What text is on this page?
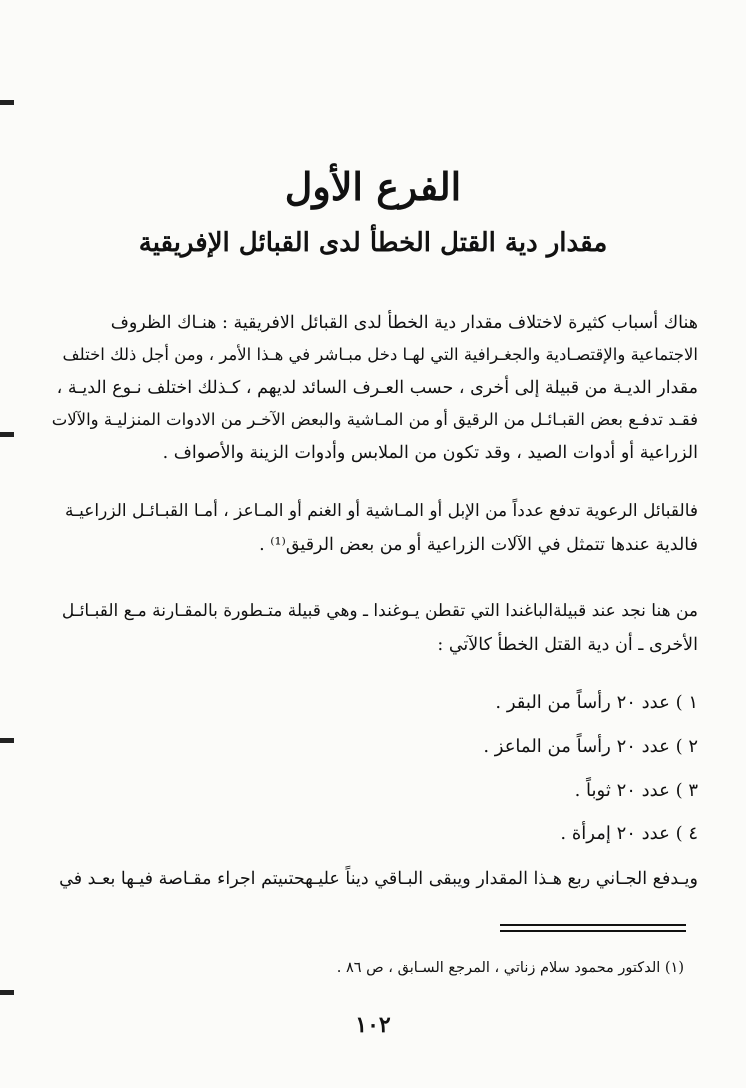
الفرع الأول
مقدار دية القتل الخطأ لدى القبائل الإفريقية
هناك أسباب كثيرة لاختلاف مقدار دية الخطأ لدى القبائل الافريقية : هنـاك الظروف
الاجتماعية والإقتصـادية والجغـرافية التي لهـا دخل مبـاشر في هـذا الأمر ، ومن أجل ذلك اختلف
مقدار الديـة من قبيلة إلى أخرى ، حسب العـرف السائد لديهم ، كـذلك اختلف نـوع الديـة ،
فقـد تدفـع بعض القبـائـل من الرقيق أو من المـاشية والبعض الآخـر من الادوات المنزليـة والآلات
الزراعية أو أدوات الصيد ، وقد تكون من الملابس وأدوات الزينة والأصواف .
فالقبائل الرعوية تدفع عدداً من الإبل أو المـاشية أو الغنم أو المـاعز ، أمـا القبـائـل الزراعيـة
فالدية عندها تتمثل في الآلات الزراعية أو من بعض الرقيق⁽¹⁾ .
من هنا نجد عند قبيلةالباغندا التي تقطن يـوغندا ـ وهي قبيلة متـطورة بالمقـارنة مـع القبـائـل
الأخرى ـ أن دية القتل الخطأ كالآتي :
١ ) عدد ٢٠ رأساً من البقر .
٢ ) عدد ٢٠ رأساً من الماعز .
٣ ) عدد ٢٠ ثوباً .
٤ ) عدد ٢٠ إمرأة .
ويـدفع الجـاني ربع هـذا المقدار ويبقى البـاقي ديناً عليـهحتىيتم اجراء مقـاصة فيـها بعـد في
(١) الدكتور محمود سلام زناتي ، المرجع السـابق ، ص ٨٦ .
١٠٢
